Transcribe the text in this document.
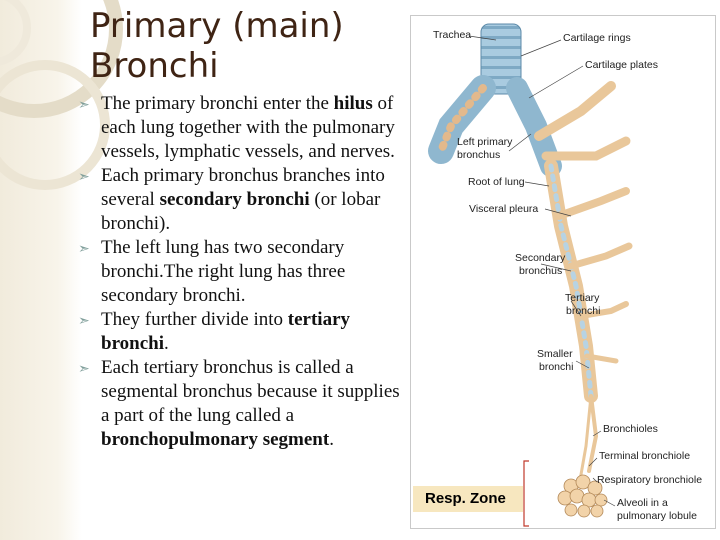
Primary (main) Bronchi
➣ The primary bronchi enter the hilus of each lung together with the pulmonary vessels, lymphatic vessels, and nerves.
➣ Each primary bronchus branches into several secondary bronchi (or lobar bronchi).
➣ The left lung has two secondary bronchi.The right lung has three secondary bronchi.
➣ They further divide into tertiary bronchi.
➣ Each tertiary bronchus is called a segmental bronchus because it supplies a part of the lung called a bronchopulmonary segment.
Trachea	Cartilage rings
Cartilage plates
Left primary
bronchus
Root of lung
Visceral pleura
Secondary
bronchus
Tertiary
bronchi
Smaller
bronchi
Bronchioles
Terminal bronchiole
Respiratory bronchiole
Alveoli in a
pulmonary lobule
Resp. Zone
